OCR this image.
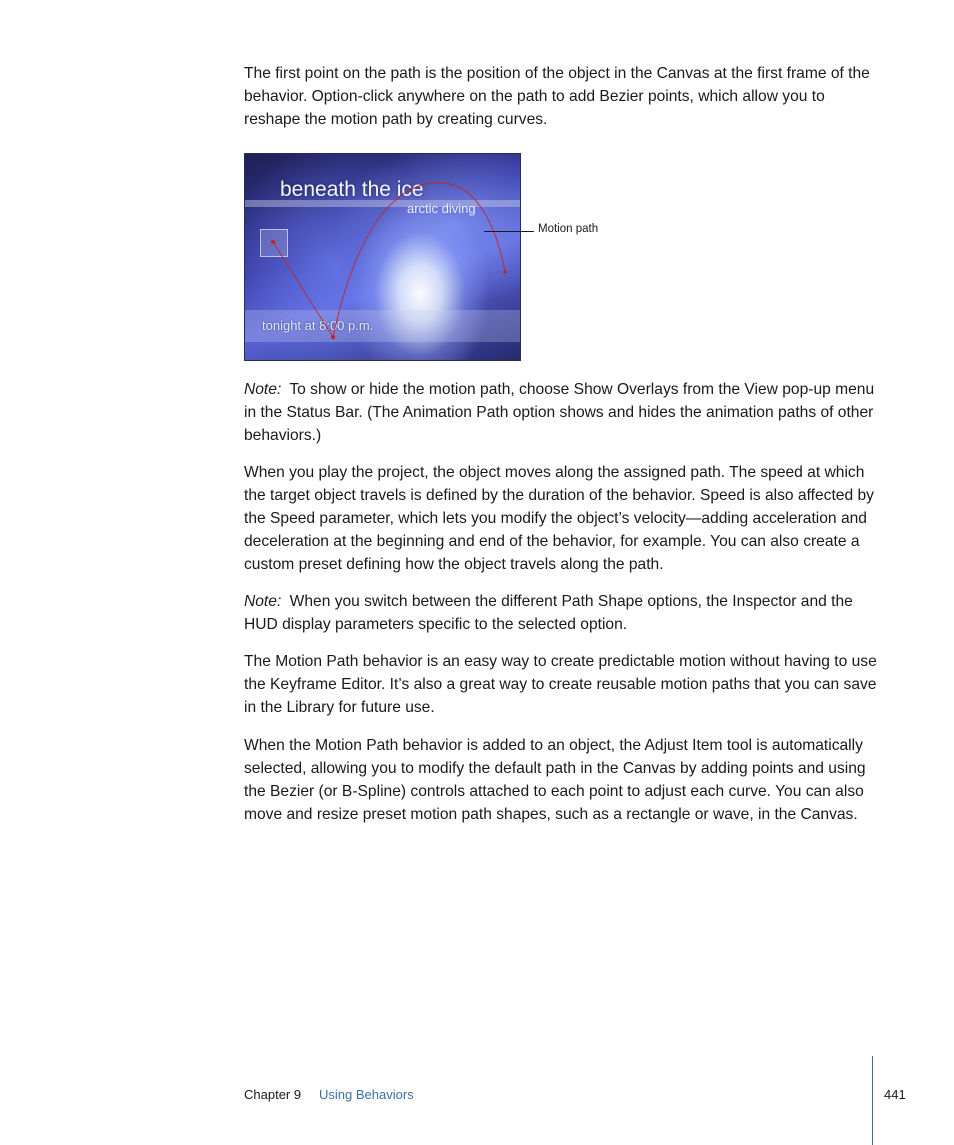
The first point on the path is the position of the object in the Canvas at the first frame of the behavior. Option-click anywhere on the path to add Bezier points, which allow you to reshape the motion path by creating curves.

beneath the ice
arctic diving
tonight at 8:00 p.m.
Motion path

Note: To show or hide the motion path, choose Show Overlays from the View pop-up menu in the Status Bar. (The Animation Path option shows and hides the animation paths of other behaviors.)

When you play the project, the object moves along the assigned path. The speed at which the target object travels is defined by the duration of the behavior. Speed is also affected by the Speed parameter, which lets you modify the object’s velocity—adding acceleration and deceleration at the beginning and end of the behavior, for example. You can also create a custom preset defining how the object travels along the path.

Note: When you switch between the different Path Shape options, the Inspector and the HUD display parameters specific to the selected option.

The Motion Path behavior is an easy way to create predictable motion without having to use the Keyframe Editor. It’s also a great way to create reusable motion paths that you can save in the Library for future use.

When the Motion Path behavior is added to an object, the Adjust Item tool is automatically selected, allowing you to modify the default path in the Canvas by adding points and using the Bezier (or B-Spline) controls attached to each point to adjust each curve. You can also move and resize preset motion path shapes, such as a rectangle or wave, in the Canvas.

Chapter 9 Using Behaviors	441
